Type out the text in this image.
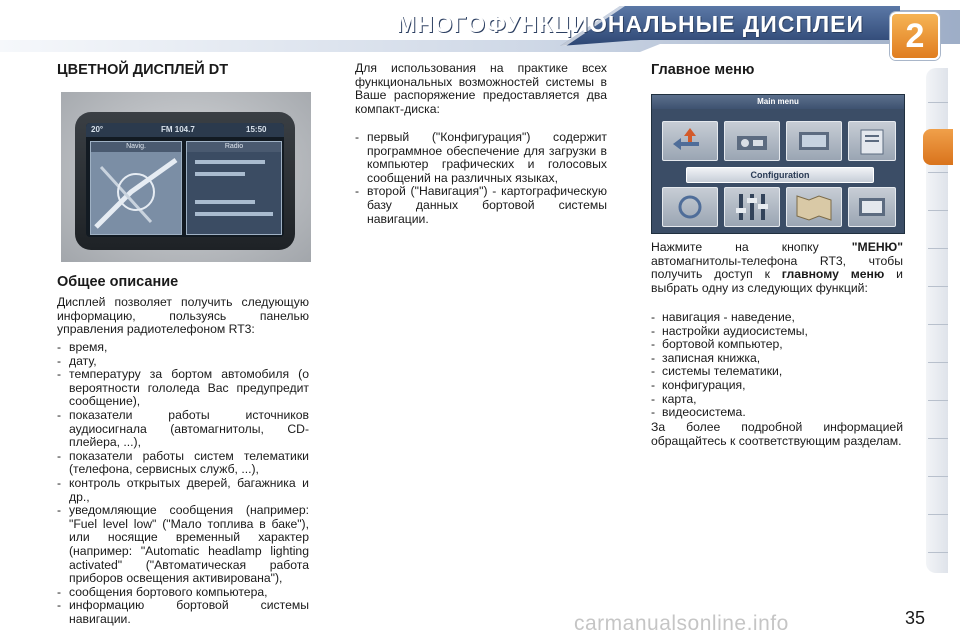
МНОГОФУНКЦИОНАЛЬНЫЕ ДИСПЛЕИ	2
ЦВЕТНОЙ ДИСПЛЕЙ DT
20°	FM 104.7	15:50
Navig.	Radio
Общее описание
Дисплей позволяет получить следующую информацию, пользуясь панелью управления радиотелефоном RT3:
- время,
- дату,
- температуру за бортом автомобиля (о вероятности гололеда Вас предупредит сообщение),
- показатели работы источников аудиосигнала (автомагнитолы, CD-плейера, ...),
- показатели работы систем телематики (телефона, сервисных служб, ...),
- контроль открытых дверей, багажника и др.,
- уведомляющие сообщения (например: "Fuel level low" ("Мало топлива в баке"), или носящие временный характер (например: "Automatic headlamp lighting activated" ("Автоматическая работа приборов освещения активирована"),
- сообщения бортового компьютера,
- информацию бортовой системы навигации.
Для использования на практике всех функциональных возможностей системы в Ваше распоряжение предоставляется два компакт-диска:
- первый ("Конфигурация") содержит программное обеспечение для загрузки в компьютер графических и голосовых сообщений на различных языках,
- второй ("Навигация") - картографическую базу данных бортовой системы навигации.
Главное меню
Main menu
Configuration
Нажмите на кнопку "МЕНЮ" автомагнитолы-телефона RT3, чтобы получить доступ к главному меню и выбрать одну из следующих функций:
- навигация - наведение,
- настройки аудиосистемы,
- бортовой компьютер,
- записная книжка,
- системы телематики,
- конфигурация,
- карта,
- видеосистема.
За более подробной информацией обращайтесь к соответствующим разделам.
carmanualsonline.info	35
